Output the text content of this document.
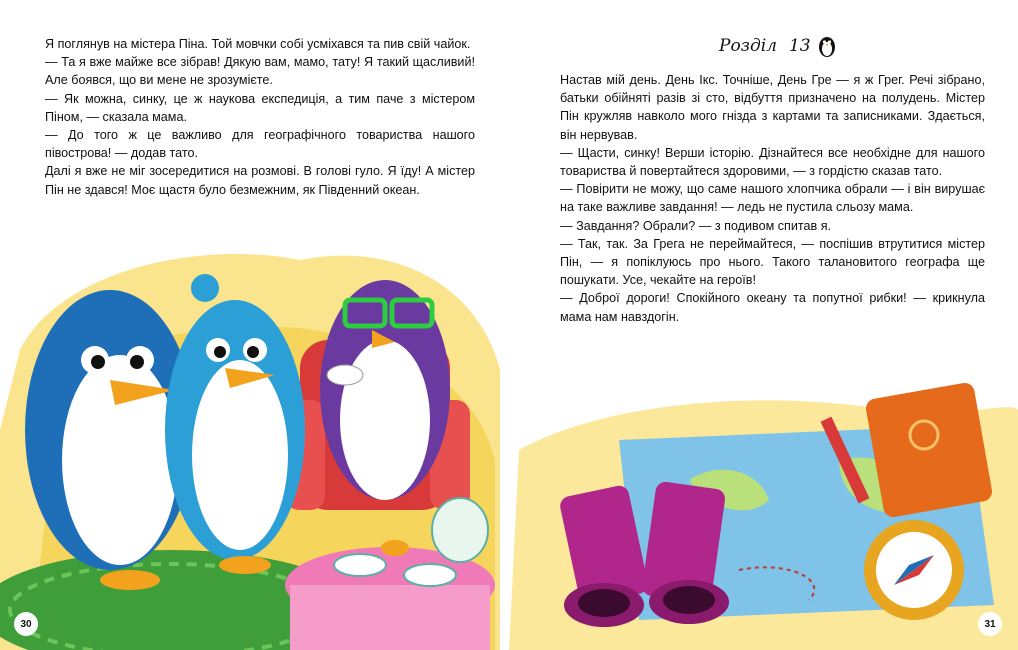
Я поглянув на містера Піна. Той мовчки собі усміхався та пив свій чайок.

— Та я вже майже все зібрав! Дякую вам, мамо, тату! Я такий щасливий! Але боявся, що ви мене не зрозумієте.

— Як можна, синку, це ж наукова експедиція, а тим паче з містером Піном, — сказала мама.

— До того ж це важливо для географічного товариства нашого півострова! — додав тато.

Далі я вже не міг зосередитися на розмові. В голові гуло. Я їду! А містер Пін не здався! Моє щастя було безмежним, як Південний океан.

30
Розділ 13

Настав мій день. День Ікс. Точніше, День Гре — я ж Грег. Речі зібрано, батьки обійняті разів зі сто, відбуття призначено на полудень. Містер Пін кружляв навколо мого гнізда з картами та записниками. Здається, він нервував.

— Щасти, синку! Верши історію. Дізнайтеся все необхідне для нашого товариства й повертайтеся здоровими, — з гордістю сказав тато.

— Повірити не можу, що саме нашого хлопчика обрали — і він вирушає на таке важливе завдання! — ледь не пустила сльозу мама.

— Завдання? Обрали? — з подивом спитав я.

— Так, так. За Грега не переймайтеся, — поспішив втрутитися містер Пін, — я попіклуюсь про нього. Такого талановитого географа ще пошукати. Усе, чекайте на героїв!

— Доброї дороги! Спокійного океану та попутної рибки! — крикнула мама нам навздогін.

31
